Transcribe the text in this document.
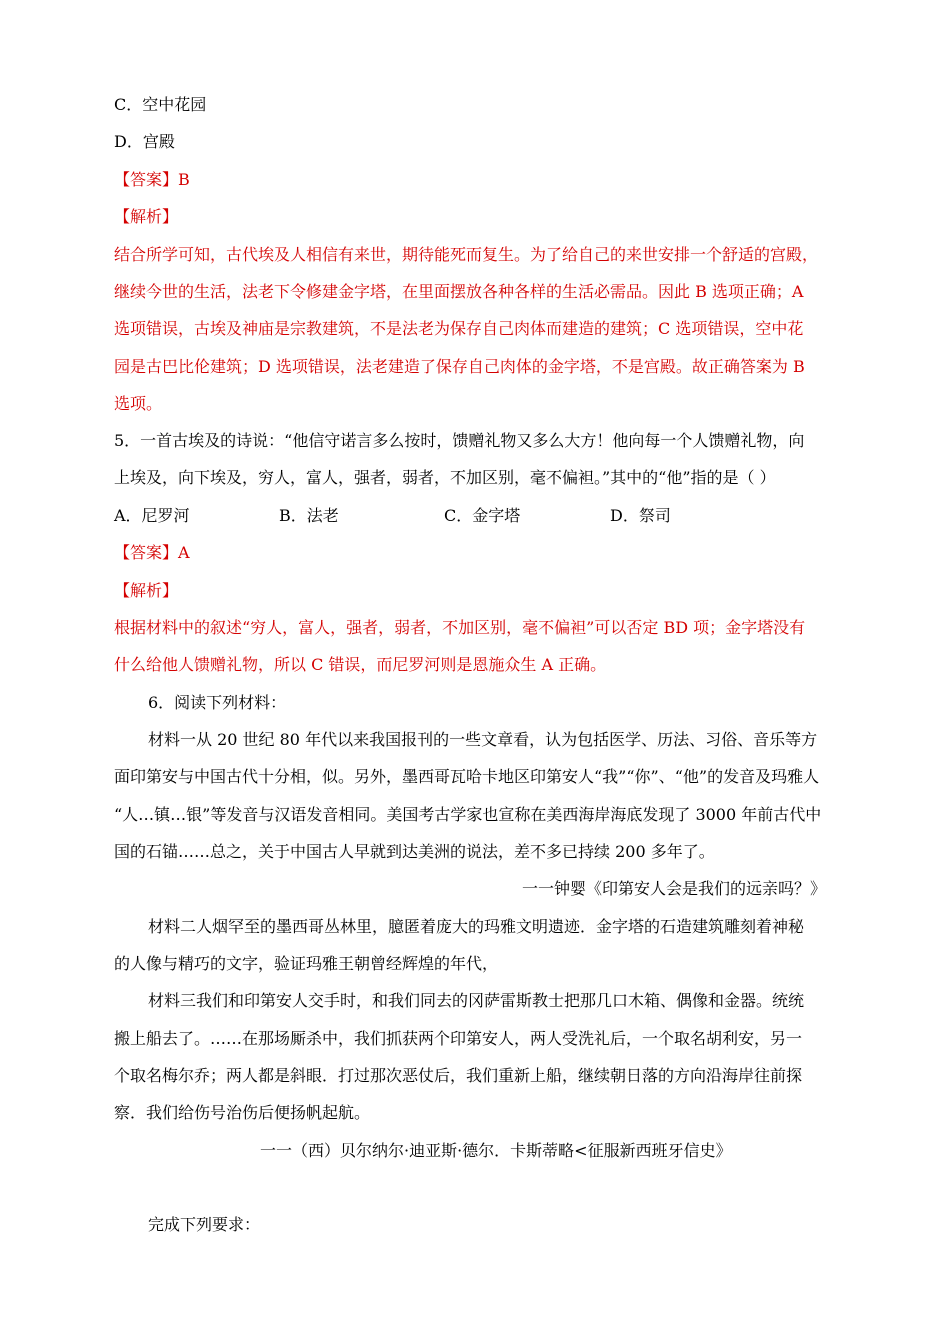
C．空中花园
D．宫殿
【答案】B
【解析】
结合所学可知，古代埃及人相信有来世，期待能死而复生。为了给自己的来世安排一个舒适的宫殿，
继续今世的生活，法老下令修建金字塔，在里面摆放各种各样的生活必需品。因此 B 选项正确；A
选项错误，古埃及神庙是宗教建筑，不是法老为保存自己肉体而建造的建筑；C 选项错误，空中花
园是古巴比伦建筑；D 选项错误，法老建造了保存自己肉体的金字塔，不是宫殿。故正确答案为 B
选项。
5．一首古埃及的诗说：“他信守诺言多么按时，馈赠礼物又多么大方！他向每一个人馈赠礼物，向
上埃及，向下埃及，穷人，富人，强者，弱者，不加区别，毫不偏袒。”其中的“他”指的是（ ）
A．尼罗河	B．法老	C．金字塔	D．祭司
【答案】A
【解析】
根据材料中的叙述“穷人，富人，强者，弱者，不加区别，毫不偏袒”可以否定 BD 项；金字塔没有
什么给他人馈赠礼物，所以 C 错误，而尼罗河则是恩施众生 A 正确。
6．阅读下列材料：
材料一从 20 世纪 80 年代以来我国报刊的一些文章看，认为包括医学、历法、习俗、音乐等方
面印第安与中国古代十分相，似。另外，墨西哥瓦哈卡地区印第安人“我”“你”、“他”的发音及玛雅人
“人…镇…银”等发音与汉语发音相同。美国考古学家也宣称在美西海岸海底发现了 3000 年前古代中
国的石锚……总之，关于中国古人早就到达美洲的说法，差不多已持续 200 多年了。
一一钟婴《印第安人会是我们的远亲吗？》
材料二人烟罕至的墨西哥丛林里，臆匿着庞大的玛雅文明遗迹．金字塔的石造建筑雕刻着神秘
的人像与精巧的文字，验证玛雅王朝曾经辉煌的年代，
材料三我们和印第安人交手时，和我们同去的冈萨雷斯教士把那几口木箱、偶像和金器。统统
搬上船去了。……在那场厮杀中，我们抓获两个印第安人，两人受洗礼后，一个取名胡利安，另一
个取名梅尔乔；两人都是斜眼．打过那次恶仗后，我们重新上船，继续朝日落的方向沿海岸往前探
察．我们给伤号治伤后便扬帆起航。
一一（西）贝尔纳尔·迪亚斯·德尔．卡斯蒂略<征服新西班牙信史》
完成下列要求：
